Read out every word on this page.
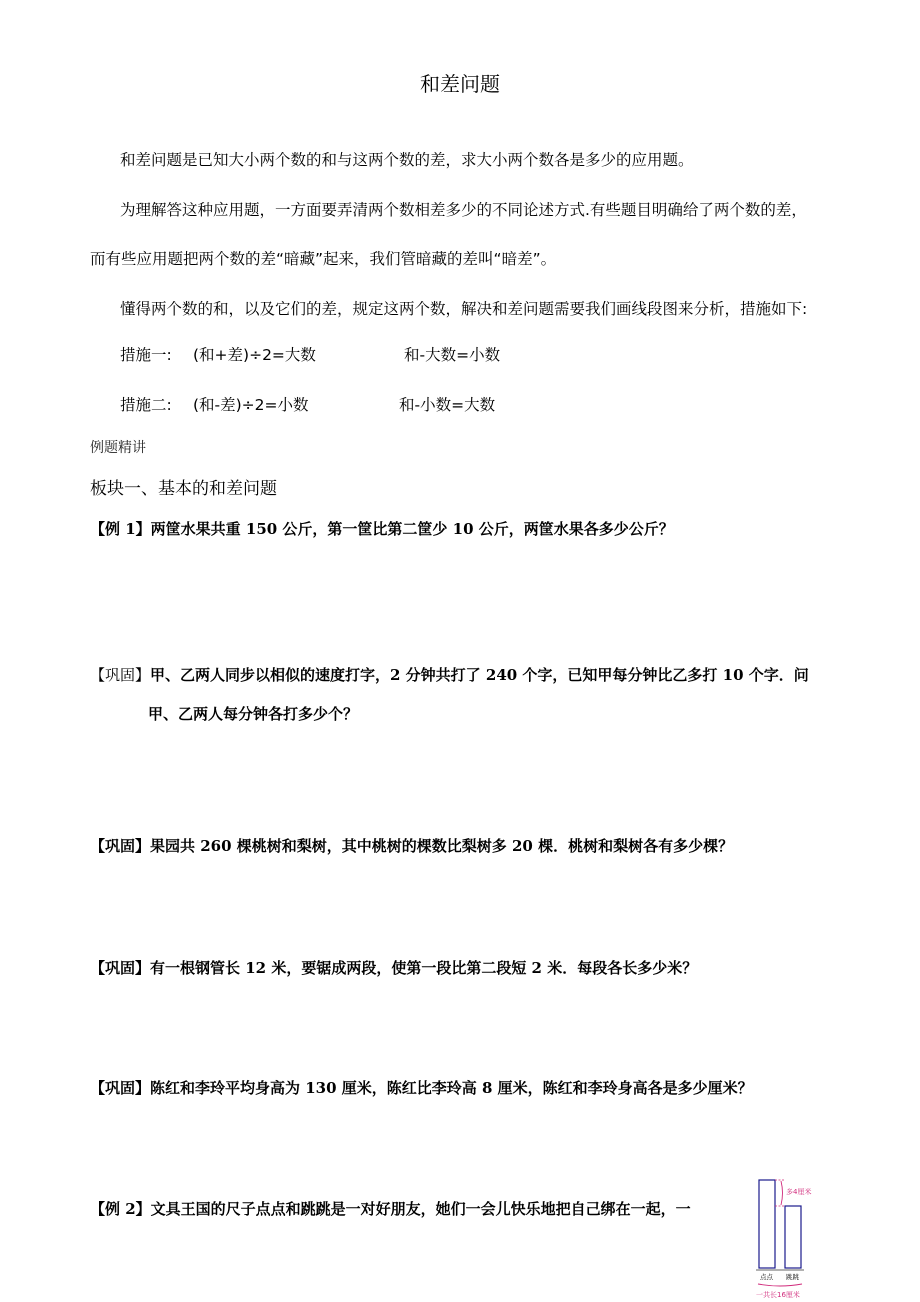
和差问题
和差问题是已知大小两个数的和与这两个数的差，求大小两个数各是多少的应用题。
为理解答这种应用题，一方面要弄清两个数相差多少的不同论述方式.有些题目明确给了两个数的差，
而有些应用题把两个数的差“暗藏”起来，我们管暗藏的差叫“暗差”。
懂得两个数的和，以及它们的差，规定这两个数，解决和差问题需要我们画线段图来分析，措施如下:
措施一: (和+差)÷2=大数	和-大数=小数
措施二: (和-差)÷2=小数	和-小数=大数
例题精讲
板块一、基本的和差问题
【例 1】两筐水果共重 150 公斤，第一筐比第二筐少 10 公斤，两筐水果各多少公斤？
【巩固】甲、乙两人同步以相似的速度打字，2 分钟共打了 240 个字，已知甲每分钟比乙多打 10 个字．问
甲、乙两人每分钟各打多少个？
【巩固】果园共 260 棵桃树和梨树，其中桃树的棵数比梨树多 20 棵．桃树和梨树各有多少棵？
【巩固】有一根钢管长 12 米，要锯成两段，使第一段比第二段短 2 米．每段各长多少米？
【巩固】陈红和李玲平均身高为 130 厘米，陈红比李玲高 8 厘米，陈红和李玲身高各是多少厘米？
【例 2】文具王国的尺子点点和跳跳是一对好朋友，她们一会儿快乐地把自己绑在一起，一
多4厘米
点点 跳跳
一共长16厘米
